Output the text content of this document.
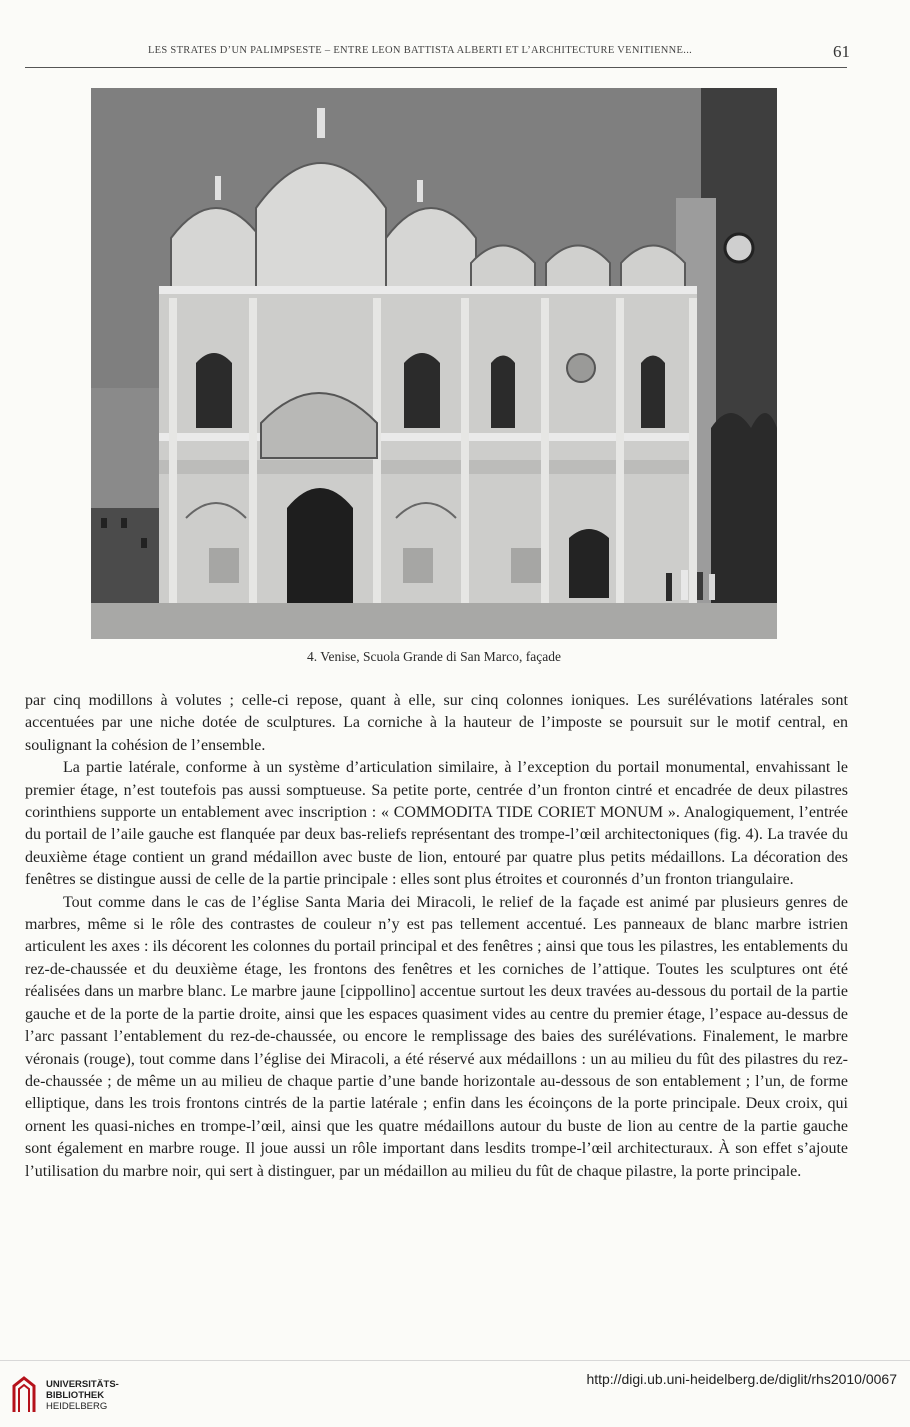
LES STRATES D’UN PALIMPSESTE – ENTRE LEON BATTISTA ALBERTI ET L’ARCHITECTURE VENITIENNE...	61
4. Venise, Scuola Grande di San Marco, façade

par cinq modillons à volutes ; celle-ci repose, quant à elle, sur cinq colonnes ioniques. Les surélévations latérales sont accentuées par une niche dotée de sculptures. La corniche à la hauteur de l’imposte se poursuit sur le motif central, en soulignant la cohésion de l’ensemble.

La partie latérale, conforme à un système d’articulation similaire, à l’exception du portail monumental, envahissant le premier étage, n’est toutefois pas aussi somptueuse. Sa petite porte, centrée d’un fronton cintré et encadrée de deux pilastres corinthiens supporte un entablement avec inscription : « COMMODITA TIDE CORIET MONUM ». Analogiquement, l’entrée du portail de l’aile gauche est flanquée par deux bas-reliefs représentant des trompe-l’œil architectoniques (fig. 4). La travée du deuxième étage contient un grand médaillon avec buste de lion, entouré par quatre plus petits médaillons. La décoration des fenêtres se distingue aussi de celle de la partie principale : elles sont plus étroites et couronnés d’un fronton triangulaire.

Tout comme dans le cas de l’église Santa Maria dei Miracoli, le relief de la façade est animé par plusieurs genres de marbres, même si le rôle des contrastes de couleur n’y est pas tellement accentué. Les panneaux de blanc marbre istrien articulent les axes : ils décorent les colonnes du portail principal et des fenêtres ; ainsi que tous les pilastres, les entablements du rez-de-chaussée et du deuxième étage, les frontons des fenêtres et les corniches de l’attique. Toutes les sculptures ont été réalisées dans un marbre blanc. Le marbre jaune [cippollino] accentue surtout les deux travées au-dessous du portail de la partie gauche et de la porte de la partie droite, ainsi que les espaces quasiment vides au centre du premier étage, l’espace au-dessus de l’arc passant l’entablement du rez-de-chaussée, ou encore le remplissage des baies des surélévations. Finalement, le marbre véronais (rouge), tout comme dans l’église dei Miracoli, a été réservé aux médaillons : un au milieu du fût des pilastres du rez-de-chaussée ; de même un au milieu de chaque partie d’une bande horizontale au-dessous de son entablement ; l’un, de forme elliptique, dans les trois frontons cintrés de la partie latérale ; enfin dans les écoinçons de la porte principale. Deux croix, qui ornent les quasi-niches en trompe-l’œil, ainsi que les quatre médaillons autour du buste de lion au centre de la partie gauche sont également en marbre rouge. Il joue aussi un rôle important dans lesdits trompe-l’œil architecturaux. À son effet s’ajoute l’utilisation du marbre noir, qui sert à distinguer, par un médaillon au milieu du fût de chaque pilastre, la porte principale.

UNIVERSITÄTS-
BIBLIOTHEK
HEIDELBERG
http://digi.ub.uni-heidelberg.de/diglit/rhs2010/0067
